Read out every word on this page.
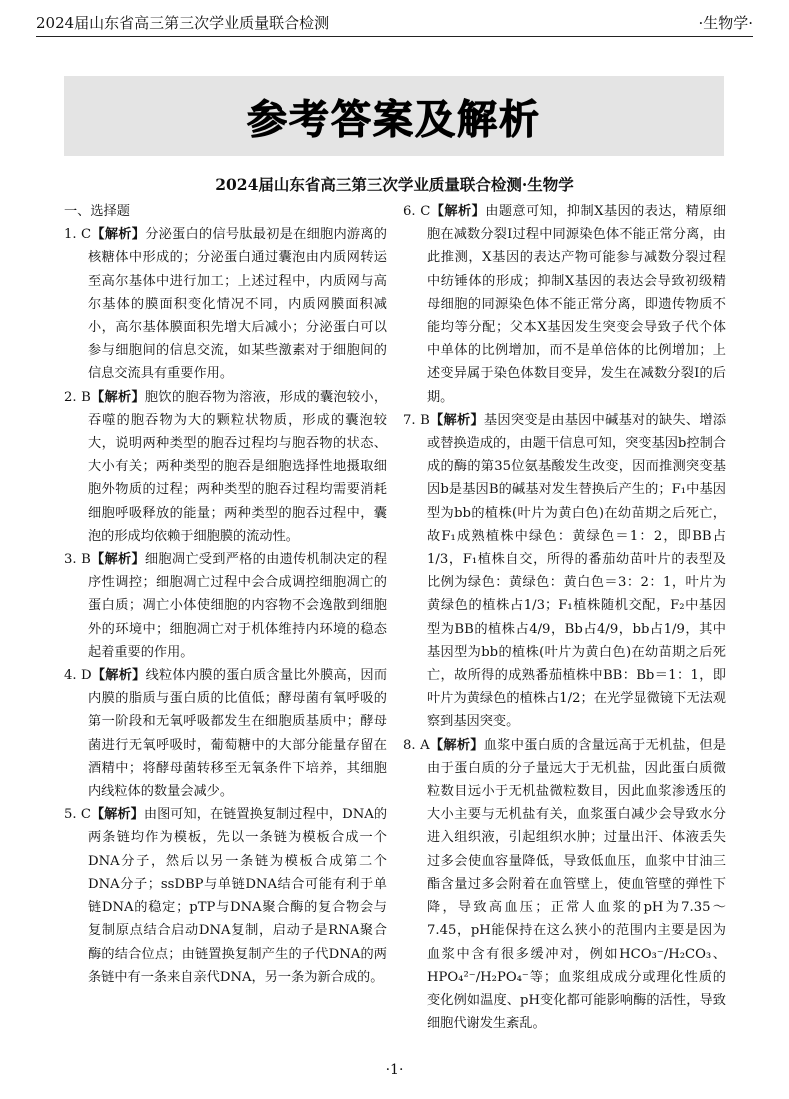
2024届山东省高三第三次学业质量联合检测	·生物学·
参考答案及解析
2024届山东省高三第三次学业质量联合检测·生物学

一、选择题

1. C【解析】分泌蛋白的信号肽最初是在细胞内游离的核糖体中形成的；分泌蛋白通过囊泡由内质网转运至高尔基体中进行加工；上述过程中，内质网与高尔基体的膜面积变化情况不同，内质网膜面积减小，高尔基体膜面积先增大后减小；分泌蛋白可以参与细胞间的信息交流，如某些激素对于细胞间的信息交流具有重要作用。

2. B【解析】胞饮的胞吞物为溶液，形成的囊泡较小，吞噬的胞吞物为大的颗粒状物质，形成的囊泡较大，说明两种类型的胞吞过程均与胞吞物的状态、大小有关；两种类型的胞吞是细胞选择性地摄取细胞外物质的过程；两种类型的胞吞过程均需要消耗细胞呼吸释放的能量；两种类型的胞吞过程中，囊泡的形成均依赖于细胞膜的流动性。

3. B【解析】细胞凋亡受到严格的由遗传机制决定的程序性调控；细胞凋亡过程中会合成调控细胞凋亡的蛋白质；凋亡小体使细胞的内容物不会逸散到细胞外的环境中；细胞凋亡对于机体维持内环境的稳态起着重要的作用。

4. D【解析】线粒体内膜的蛋白质含量比外膜高，因而内膜的脂质与蛋白质的比值低；酵母菌有氧呼吸的第一阶段和无氧呼吸都发生在细胞质基质中；酵母菌进行无氧呼吸时，葡萄糖中的大部分能量存留在酒精中；将酵母菌转移至无氧条件下培养，其细胞内线粒体的数量会减少。

5. C【解析】由图可知，在链置换复制过程中，DNA的两条链均作为模板，先以一条链为模板合成一个DNA分子，然后以另一条链为模板合成第二个DNA分子；ssDBP与单链DNA结合可能有利于单链DNA的稳定；pTP与DNA聚合酶的复合物会与复制原点结合启动DNA复制，启动子是RNA聚合酶的结合位点；由链置换复制产生的子代DNA的两条链中有一条来自亲代DNA，另一条为新合成的。

6. C【解析】由题意可知，抑制X基因的表达，精原细胞在减数分裂Ⅰ过程中同源染色体不能正常分离，由此推测，X基因的表达产物可能参与减数分裂过程中纺锤体的形成；抑制X基因的表达会导致初级精母细胞的同源染色体不能正常分离，即遗传物质不能均等分配；父本X基因发生突变会导致子代个体中单体的比例增加，而不是单倍体的比例增加；上述变异属于染色体数目变异，发生在减数分裂Ⅰ的后期。

7. B【解析】基因突变是由基因中碱基对的缺失、增添或替换造成的，由题干信息可知，突变基因b控制合成的酶的第35位氨基酸发生改变，因而推测突变基因b是基因B的碱基对发生替换后产生的；F₁中基因型为bb的植株(叶片为黄白色)在幼苗期之后死亡，故F₁成熟植株中绿色：黄绿色＝1：2，即BB占1/3，F₁植株自交，所得的番茄幼苗叶片的表型及比例为绿色：黄绿色：黄白色＝3：2：1，叶片为黄绿色的植株占1/3；F₁植株随机交配，F₂中基因型为BB的植株占4/9，Bb占4/9，bb占1/9，其中基因型为bb的植株(叶片为黄白色)在幼苗期之后死亡，故所得的成熟番茄植株中BB：Bb＝1：1，即叶片为黄绿色的植株占1/2；在光学显微镜下无法观察到基因突变。

8. A【解析】血浆中蛋白质的含量远高于无机盐，但是由于蛋白质的分子量远大于无机盐，因此蛋白质微粒数目远小于无机盐微粒数目，因此血浆渗透压的大小主要与无机盐有关，血浆蛋白减少会导致水分进入组织液，引起组织水肿；过量出汗、体液丢失过多会使血容量降低，导致低血压，血浆中甘油三酯含量过多会附着在血管壁上，使血管壁的弹性下降，导致高血压；正常人血浆的pH为7.35～7.45，pH能保持在这么狭小的范围内主要是因为血浆中含有很多缓冲对，例如HCO₃⁻/H₂CO₃、HPO₄²⁻/H₂PO₄⁻等；血浆组成成分或理化性质的变化例如温度、pH变化都可能影响酶的活性，导致细胞代谢发生紊乱。

·1·
